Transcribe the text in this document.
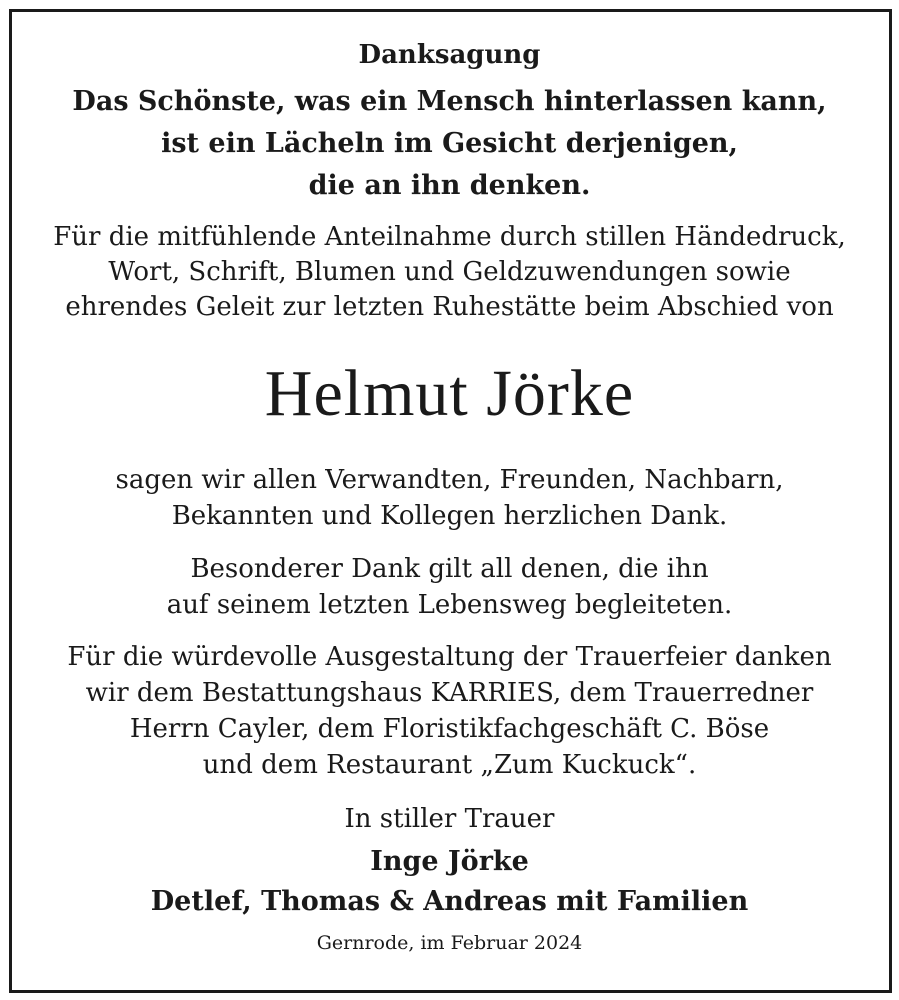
Danksagung
Das Schönste, was ein Mensch hinterlassen kann,
ist ein Lächeln im Gesicht derjenigen,
die an ihn denken.
Für die mitfühlende Anteilnahme durch stillen Händedruck,
Wort, Schrift, Blumen und Geldzuwendungen sowie
ehrendes Geleit zur letzten Ruhestätte beim Abschied von
Helmut Jörke
sagen wir allen Verwandten, Freunden, Nachbarn,
Bekannten und Kollegen herzlichen Dank.
Besonderer Dank gilt all denen, die ihn
auf seinem letzten Lebensweg begleiteten.
Für die würdevolle Ausgestaltung der Trauerfeier danken
wir dem Bestattungshaus KARRIES, dem Trauerredner
Herrn Cayler, dem Floristikfachgeschäft C. Böse
und dem Restaurant „Zum Kuckuck“.
In stiller Trauer
Inge Jörke
Detlef, Thomas & Andreas mit Familien
Gernrode, im Februar 2024
